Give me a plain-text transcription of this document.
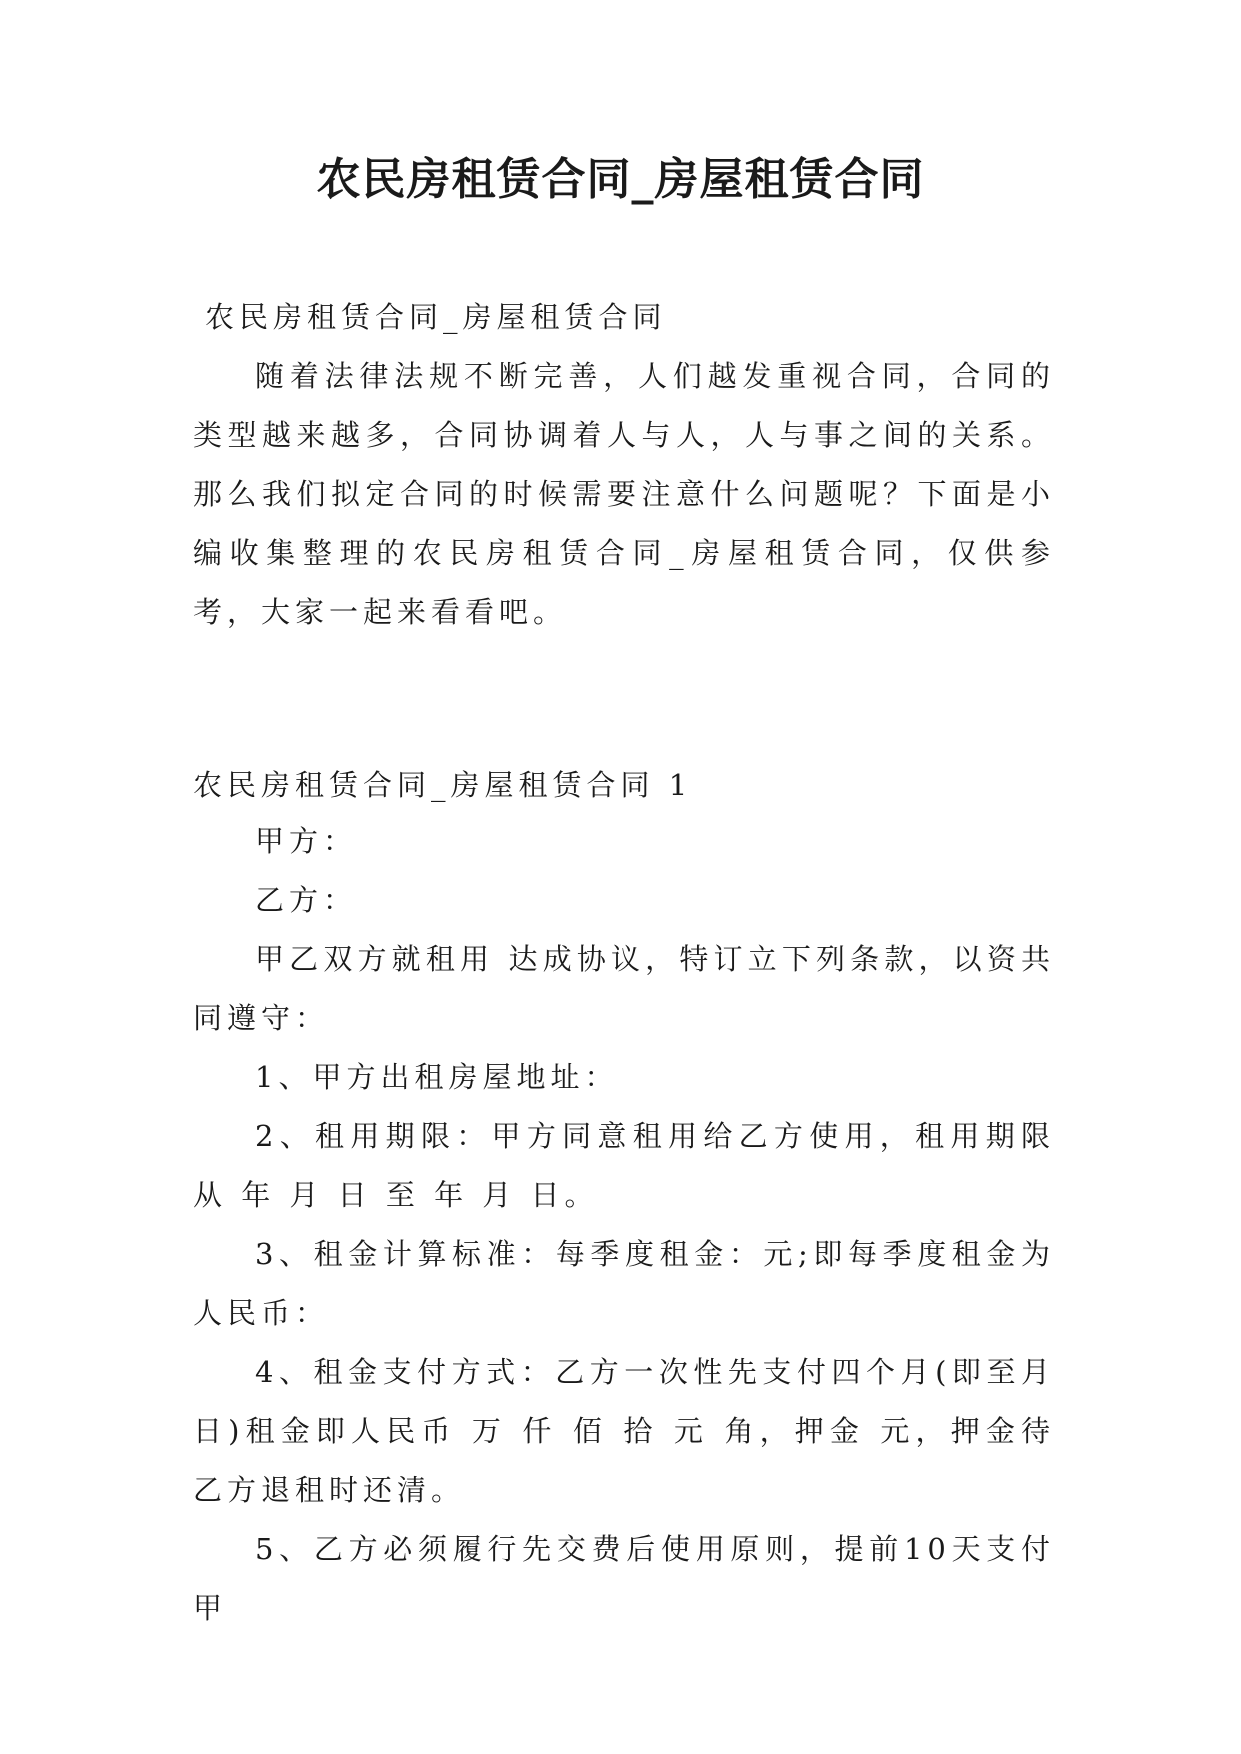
农民房租赁合同_房屋租赁合同
农民房租赁合同_房屋租赁合同

随着法律法规不断完善，人们越发重视合同，合同的类型越来越多，合同协调着人与人，人与事之间的关系。那么我们拟定合同的时候需要注意什么问题呢？下面是小编收集整理的农民房租赁合同_房屋租赁合同，仅供参考，大家一起来看看吧。

农民房租赁合同_房屋租赁合同 1

甲方：

乙方：

甲乙双方就租用 达成协议，特订立下列条款，以资共同遵守：

1、甲方出租房屋地址：

2、租用期限：甲方同意租用给乙方使用，租用期限从 年 月 日 至 年 月 日。

3、租金计算标准：每季度租金：元;即每季度租金为人民币：

4、租金支付方式：乙方一次性先支付四个月(即至月日)租金即人民币 万 仟 佰 拾 元 角，押金 元，押金待乙方退租时还清。

5、乙方必须履行先交费后使用原则，提前10天支付甲
